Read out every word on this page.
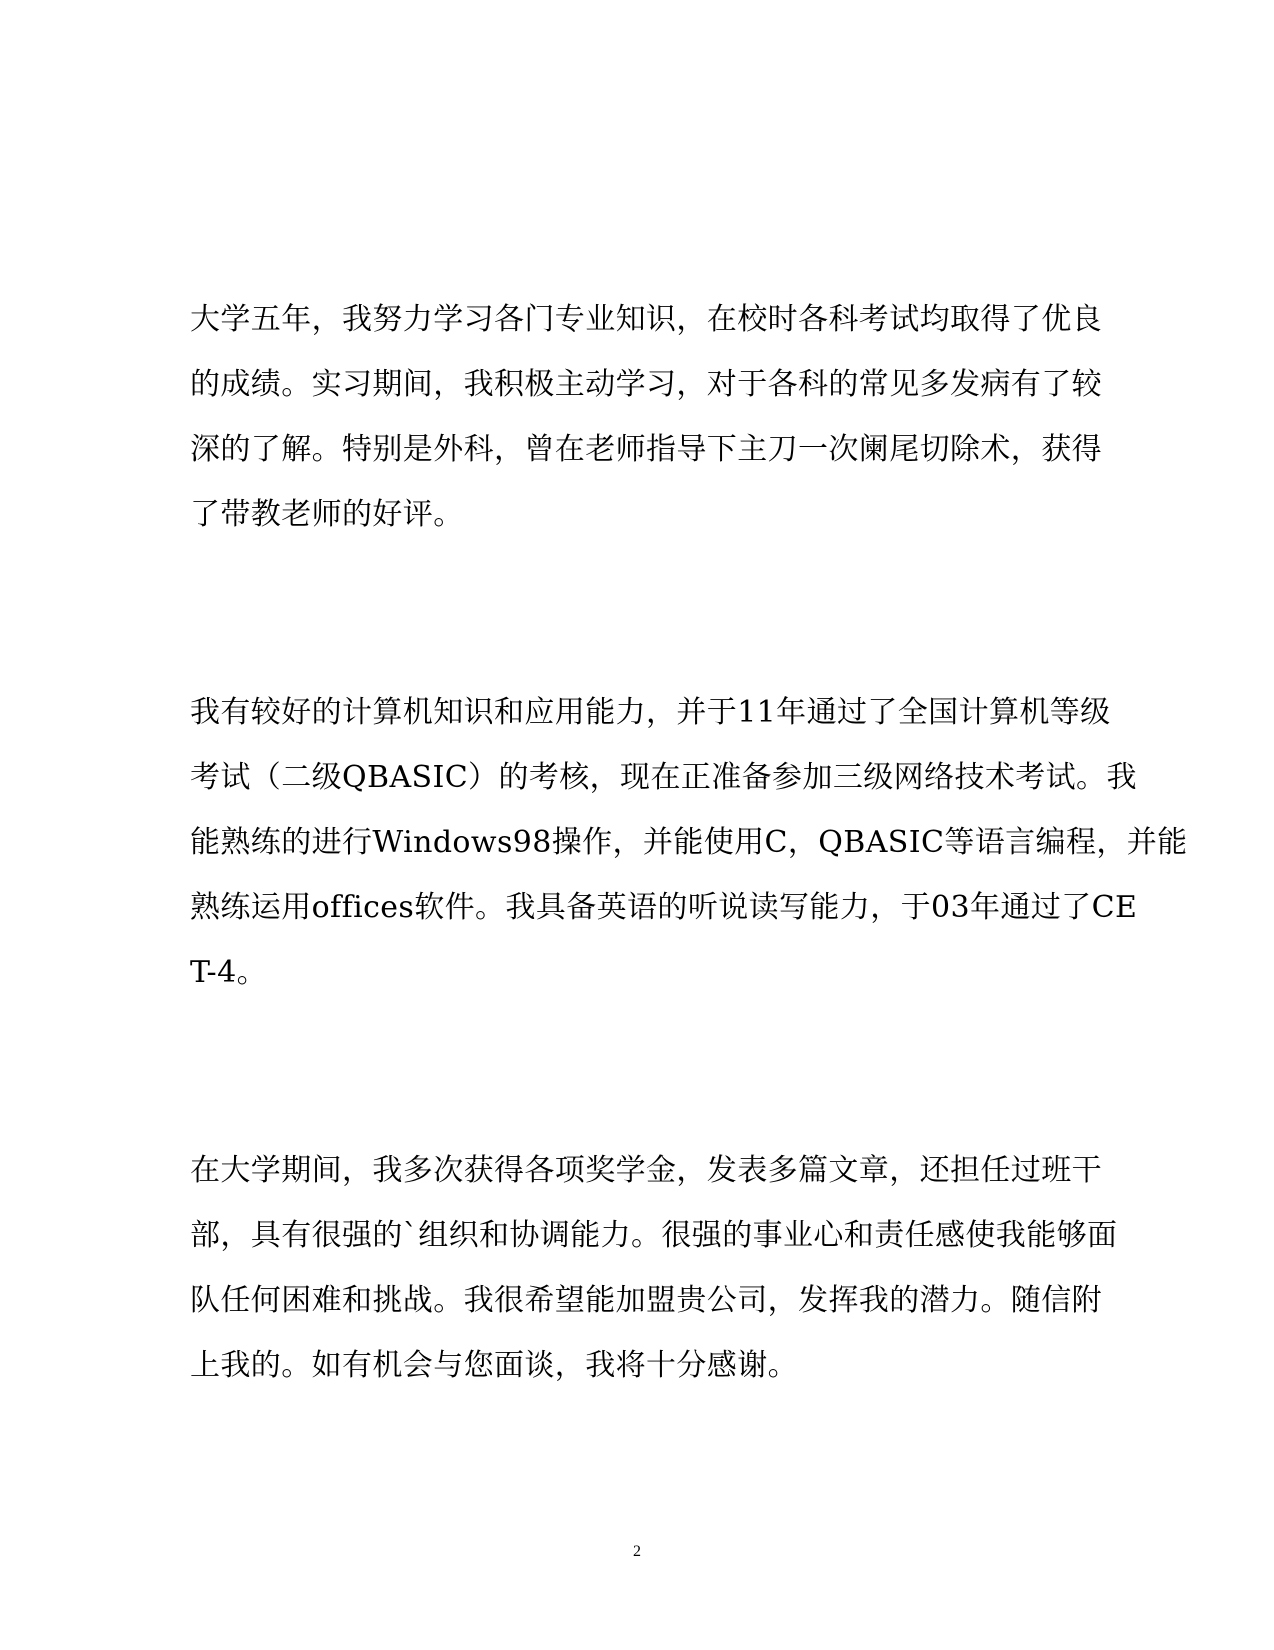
大学五年，我努力学习各门专业知识，在校时各科考试均取得了优良
的成绩。实习期间，我积极主动学习，对于各科的常见多发病有了较
深的了解。特别是外科，曾在老师指导下主刀一次阑尾切除术，获得
了带教老师的好评。
我有较好的计算机知识和应用能力，并于11年通过了全国计算机等级
考试（二级QBASIC）的考核，现在正准备参加三级网络技术考试。我
能熟练的进行Windows98操作，并能使用C，QBASIC等语言编程，并能
熟练运用offices软件。我具备英语的听说读写能力，于03年通过了CE
T-4。
在大学期间，我多次获得各项奖学金，发表多篇文章，还担任过班干
部，具有很强的`组织和协调能力。很强的事业心和责任感使我能够面
队任何困难和挑战。我很希望能加盟贵公司，发挥我的潜力。随信附
上我的。如有机会与您面谈，我将十分感谢。
2
